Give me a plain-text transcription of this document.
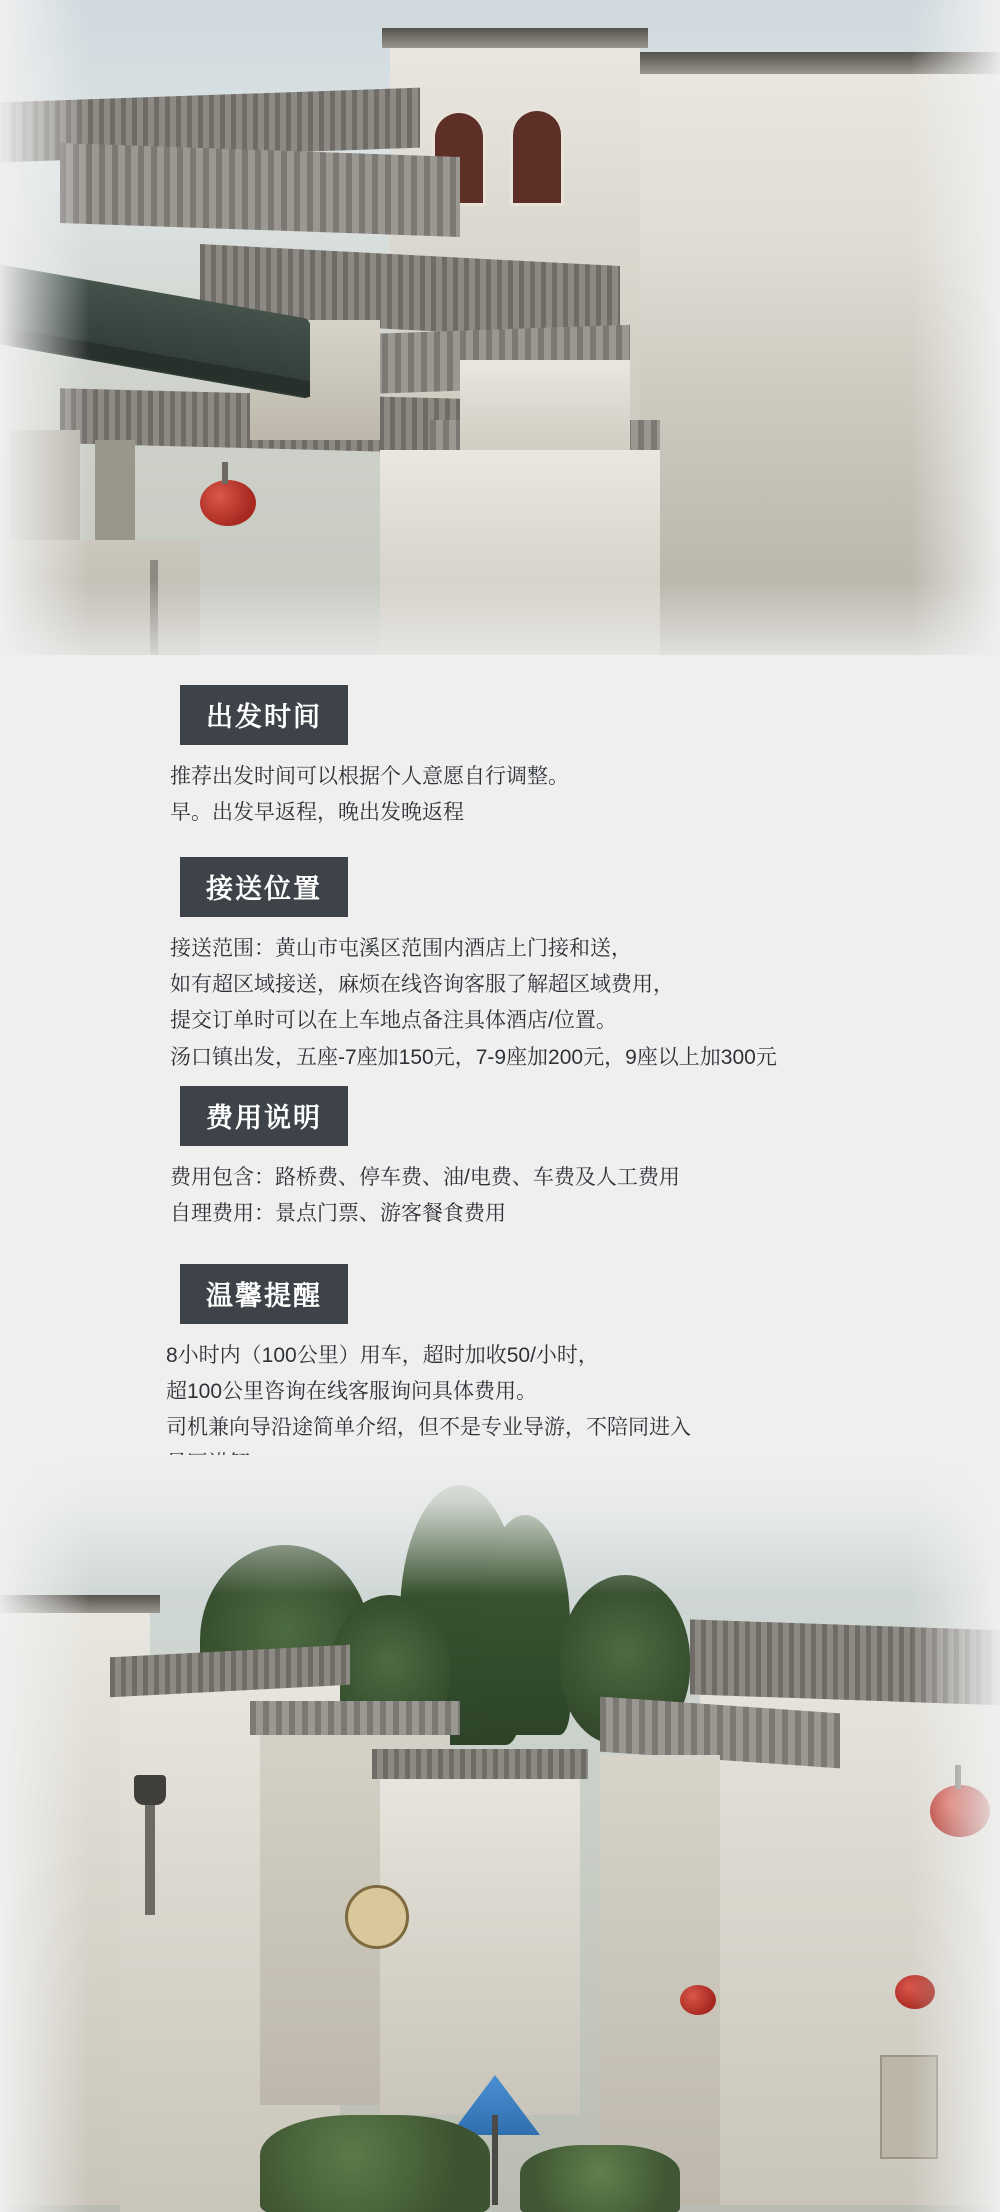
出发时间

推荐出发时间可以根据个人意愿自行调整。

早。出发早返程，晚出发晚返程

接送位置

接送范围：黄山市屯溪区范围内酒店上门接和送，

如有超区域接送，麻烦在线咨询客服了解超区域费用，

提交订单时可以在上车地点备注具体酒店/位置。

汤口镇出发，五座-7座加150元，7-9座加200元，9座以上加300元

费用说明

费用包含：路桥费、停车费、油/电费、车费及人工费用

自理费用：景点门票、游客餐食费用

温馨提醒

8小时内（100公里）用车，超时加收50/小时，

超100公里咨询在线客服询问具体费用。

司机兼向导沿途简单介绍，但不是专业导游，不陪同进入
